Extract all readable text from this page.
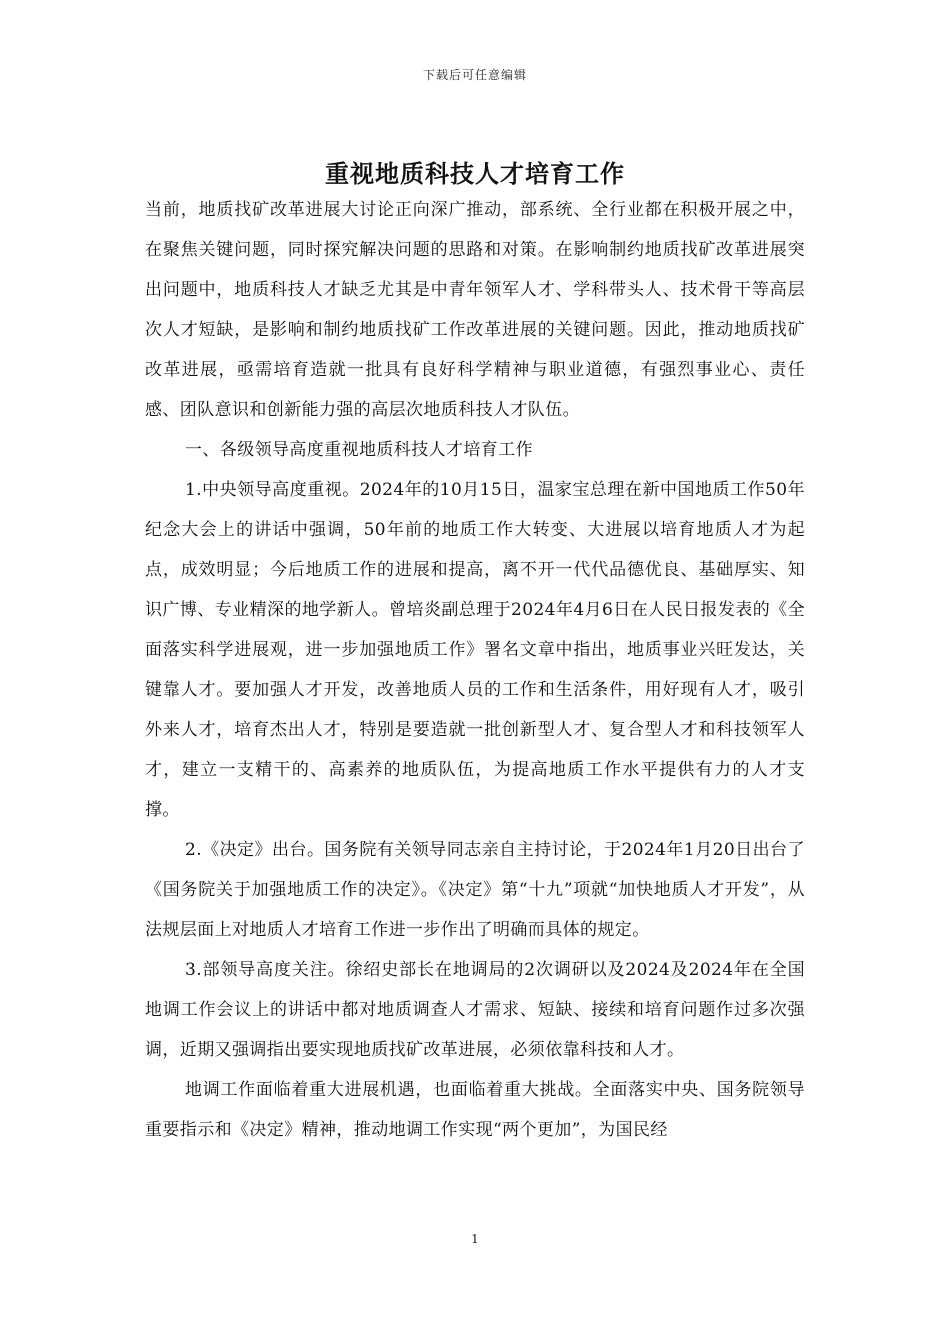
下载后可任意编辑
重视地质科技人才培育工作

当前，地质找矿改革进展大讨论正向深广推动，部系统、全行业都在积极开展之中，在聚焦关键问题，同时探究解决问题的思路和对策。在影响制约地质找矿改革进展突出问题中，地质科技人才缺乏尤其是中青年领军人才、学科带头人、技术骨干等高层次人才短缺，是影响和制约地质找矿工作改革进展的关键问题。因此，推动地质找矿改革进展，亟需培育造就一批具有良好科学精神与职业道德，有强烈事业心、责任感、团队意识和创新能力强的高层次地质科技人才队伍。

一、各级领导高度重视地质科技人才培育工作

1.中央领导高度重视。2024年的10月15日，温家宝总理在新中国地质工作50年纪念大会上的讲话中强调，50年前的地质工作大转变、大进展以培育地质人才为起点，成效明显；今后地质工作的进展和提高，离不开一代代品德优良、基础厚实、知识广博、专业精深的地学新人。曾培炎副总理于2024年4月6日在人民日报发表的《全面落实科学进展观，进一步加强地质工作》署名文章中指出，地质事业兴旺发达，关键靠人才。要加强人才开发，改善地质人员的工作和生活条件，用好现有人才，吸引外来人才，培育杰出人才，特别是要造就一批创新型人才、复合型人才和科技领军人才，建立一支精干的、高素养的地质队伍，为提高地质工作水平提供有力的人才支撑。

2.《决定》出台。国务院有关领导同志亲自主持讨论，于2024年1月20日出台了《国务院关于加强地质工作的决定》。《决定》第“十九”项就“加快地质人才开发”，从法规层面上对地质人才培育工作进一步作出了明确而具体的规定。

3.部领导高度关注。徐绍史部长在地调局的2次调研以及2024及2024年在全国地调工作会议上的讲话中都对地质调查人才需求、短缺、接续和培育问题作过多次强调，近期又强调指出要实现地质找矿改革进展，必须依靠科技和人才。

地调工作面临着重大进展机遇，也面临着重大挑战。全面落实中央、国务院领导重要指示和《决定》精神，推动地调工作实现“两个更加”，为国民经

1
